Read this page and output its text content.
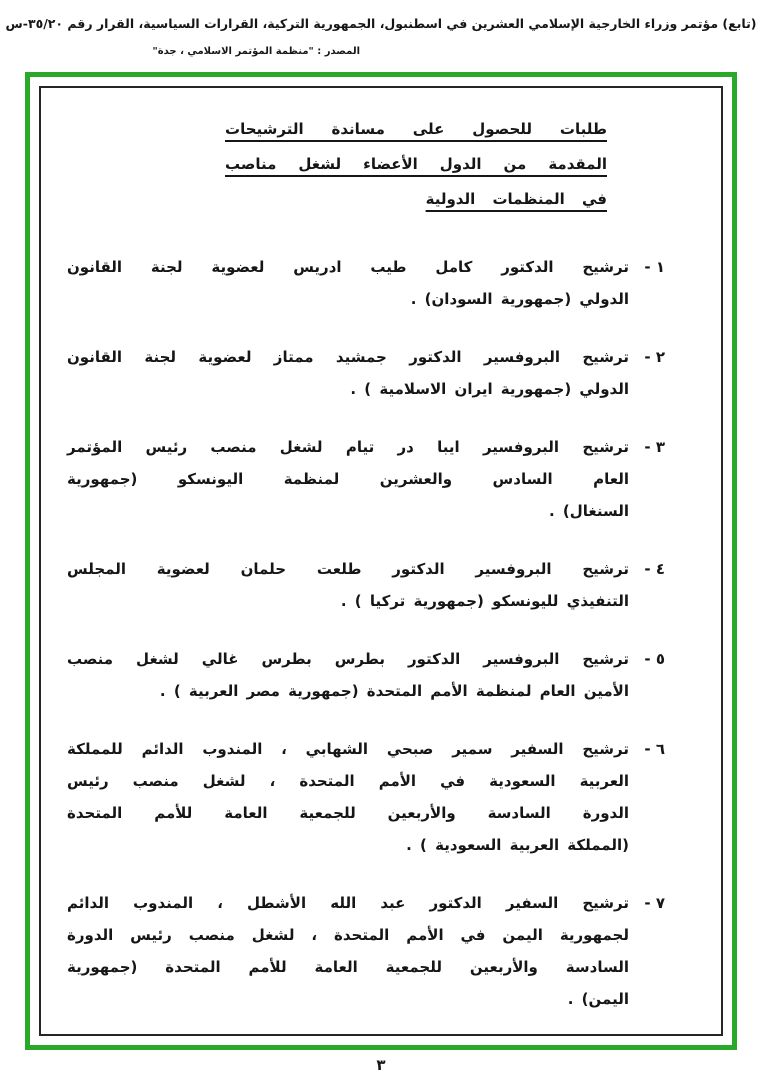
(تابع) مؤتمر وزراء الخارجية الإسلامي العشرين في اسطنبول، الجمهورية التركية، القرارات السياسية، القرار رقم ٣٥/٢٠-س
المصدر : "منظمة المؤتمر الاسلامي ، جدة"
طلبات للحصول على مساندة الترشيحات
المقدمة من الدول الأعضاء لشغل مناصب
في المنظمات الدولية
١ -
ترشيح الدكتور كامل طيب ادريس لعضوية لجنة القانون
الدولي (جمهورية السودان) .
٢ -
ترشيح البروفسير الدكتور جمشيد ممتاز لعضوية لجنة القانون
الدولي (جمهورية ايران الاسلامية ) .
٣ -
ترشيح البروفسير ايبا در تيام لشغل منصب رئيس المؤتمر
العام السادس والعشرين لمنظمة اليونسكو (جمهورية
السنغال) .
٤ -
ترشيح البروفسير الدكتور طلعت حلمان لعضوية المجلس
التنفيذي لليونسكو (جمهورية تركيا ) .
٥ -
ترشيح البروفسير الدكتور بطرس بطرس غالي لشغل منصب
الأمين العام لمنظمة الأمم المتحدة (جمهورية مصر العربية ) .
٦ -
ترشيح السفير سمير صبحي الشهابي ، المندوب الدائم للمملكة
العربية السعودية في الأمم المتحدة ، لشغل منصب رئيس
الدورة السادسة والأربعين للجمعية العامة للأمم المتحدة
(المملكة العربية السعودية ) .
٧ -
ترشيح السفير الدكتور عبد الله الأشطل ، المندوب الدائم
لجمهورية اليمن في الأمم المتحدة ، لشغل منصب رئيس الدورة
السادسة والأربعين للجمعية العامة للأمم المتحدة (جمهورية
اليمن) .
٣
